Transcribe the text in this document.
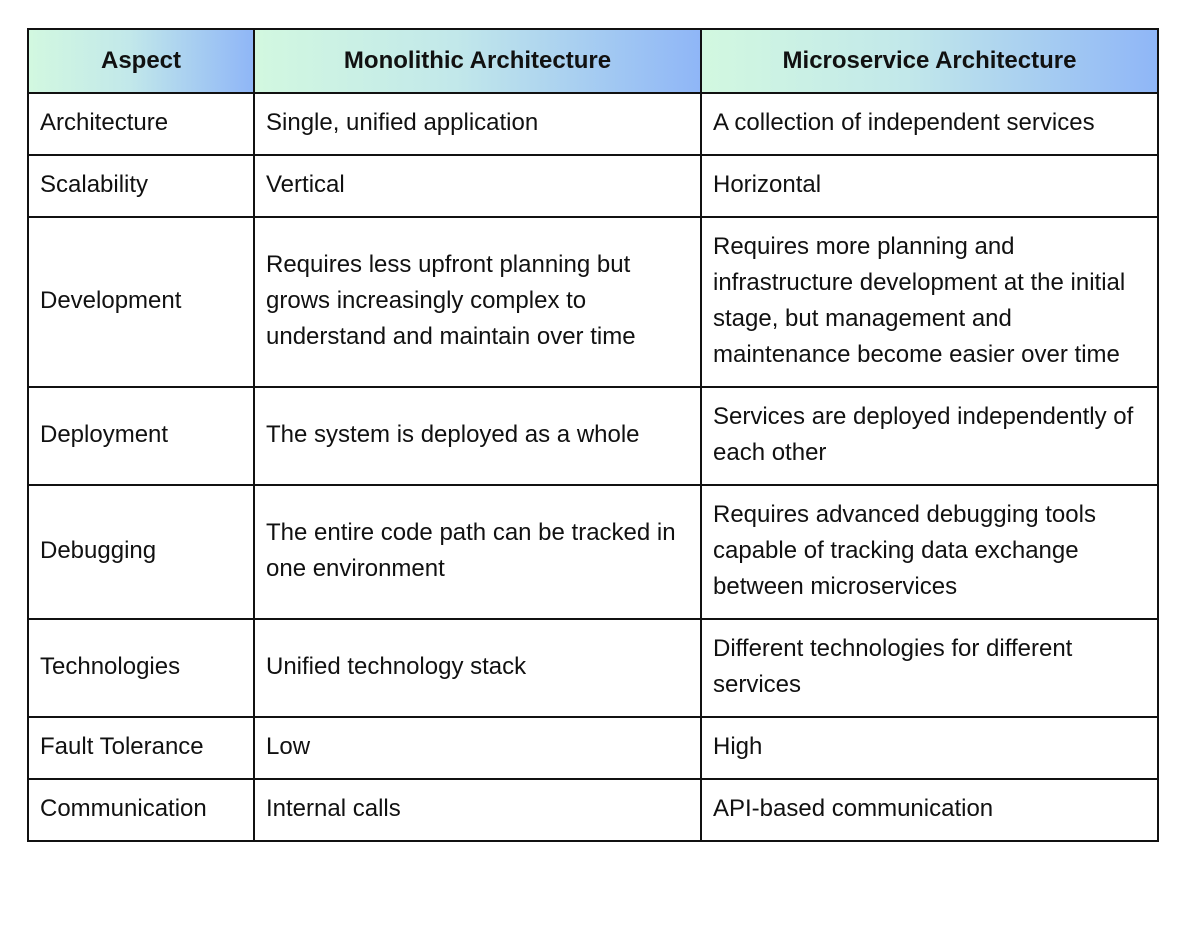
Aspect	Monolithic Architecture	Microservice Architecture
Architecture	Single, unified application	A collection of independent services
Scalability	Vertical	Horizontal
Development	Requires less upfront planning but grows increasingly complex to understand and maintain over time	Requires more planning and infrastructure development at the initial stage, but management and maintenance become easier over time
Deployment	The system is deployed as a whole	Services are deployed independently of each other
Debugging	The entire code path can be tracked in one environment	Requires advanced debugging tools capable of tracking data exchange between microservices
Technologies	Unified technology stack	Different technologies for different services
Fault Tolerance	Low	High
Communication	Internal calls	API-based communication
